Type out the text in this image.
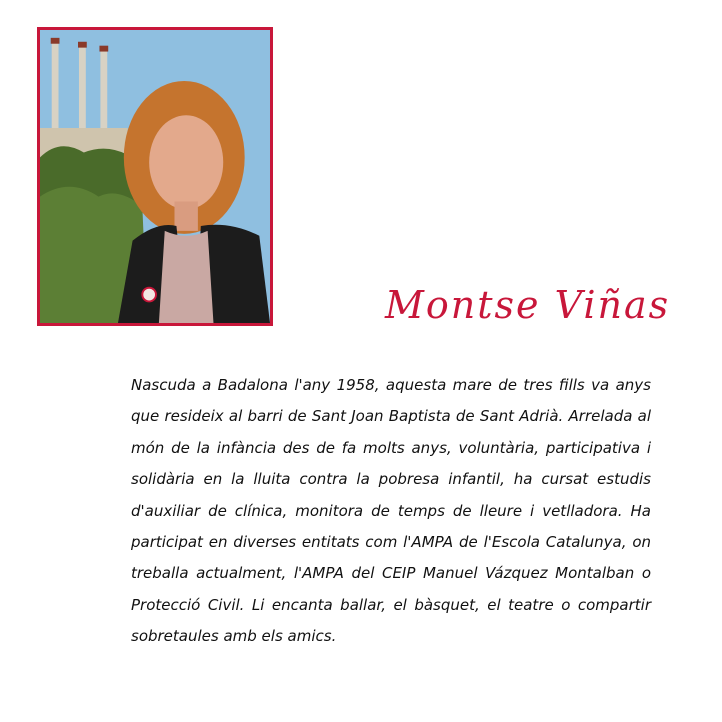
Montse Viñas

Nascuda a Badalona l'any 1958, aquesta mare de tres fills va anys que resideix al barri de Sant Joan Baptista de Sant Adrià. Arrelada al món de la infància des de fa molts anys, voluntària, participativa i solidària en la lluita contra la pobresa infantil, ha cursat estudis d'auxiliar de clínica, monitora de temps de lleure i vetlladora. Ha participat en diverses entitats com l'AMPA de l'Escola Catalunya, on treballa actualment, l'AMPA del CEIP Manuel Vázquez Montalban o Protecció Civil. Li encanta ballar, el bàsquet, el teatre o compartir sobretaules amb els amics.
